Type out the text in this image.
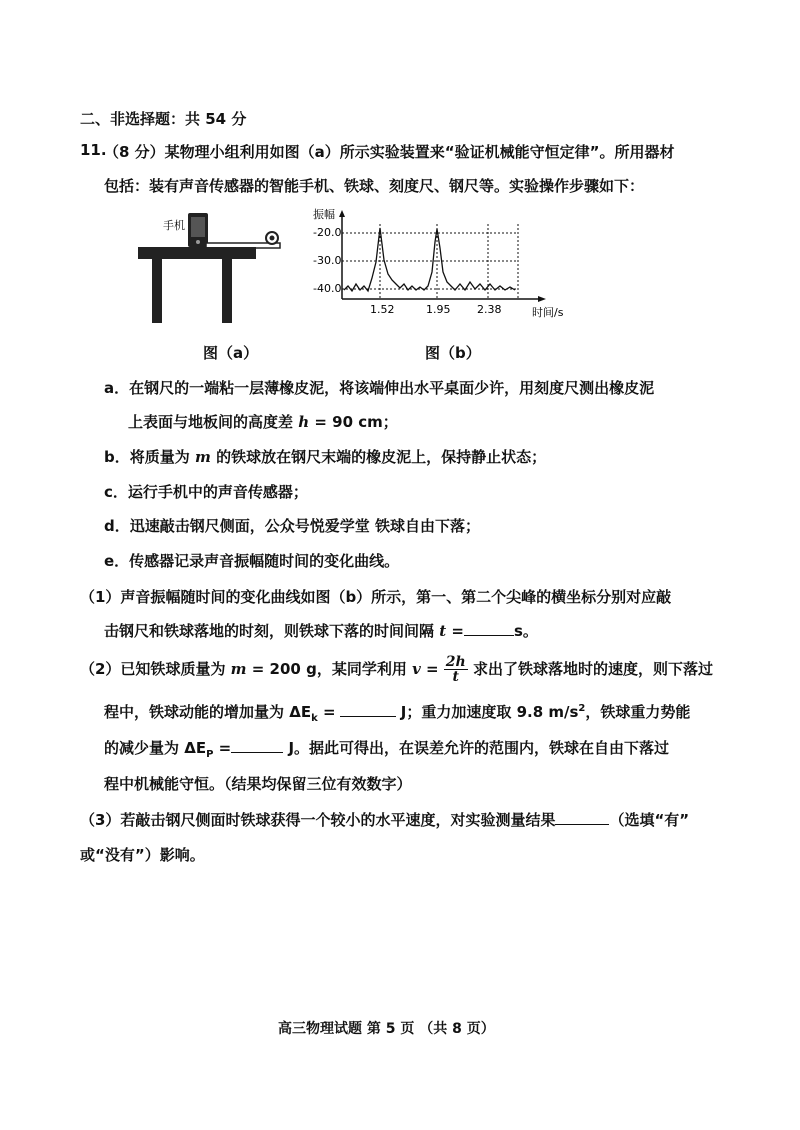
二、非选择题：共 54 分
11.
（8 分）某物理小组利用如图（a）所示实验装置来“验证机械能守恒定律”。所用器材
包括：装有声音传感器的智能手机、铁球、刻度尺、钢尺等。实验操作步骤如下：
手机
图（a）
振幅
-20.0
-30.0
-40.0
1.52	1.95 2.38	时间/s
图（b）
a．在钢尺的一端粘一层薄橡皮泥，将该端伸出水平桌面少许，用刻度尺测出橡皮泥
上表面与地板间的高度差 h = 90 cm；
b．将质量为 m 的铁球放在钢尺末端的橡皮泥上，保持静止状态；
c．运行手机中的声音传感器；
d．迅速敲击钢尺侧面，公众号悦爱学堂 铁球自由下落；
e．传感器记录声音振幅随时间的变化曲线。
（1）声音振幅随时间的变化曲线如图（b）所示，第一、第二个尖峰的横坐标分别对应敲
击钢尺和铁球落地的时刻，则铁球下落的时间间隔 t =	s。
（2）已知铁球质量为 m = 200 g，某同学利用 $v = \frac{2h}{t}$ 求出了铁球落地时的速度，则下落过
程中，铁球动能的增加量为 $\Delta E_k$ =	J；重力加速度取 9.8 $m/s^2$，铁球重力势能
的减少量为 $\Delta E_P$ =	J。据此可得出，在误差允许的范围内，铁球在自由下落过
程中机械能守恒。（结果均保留三位有效数字）
（3）若敲击钢尺侧面时铁球获得一个较小的水平速度，对实验测量结果	（选填“有”
或“没有”）影响。
高三物理试题 第 5 页 （共 8 页）
